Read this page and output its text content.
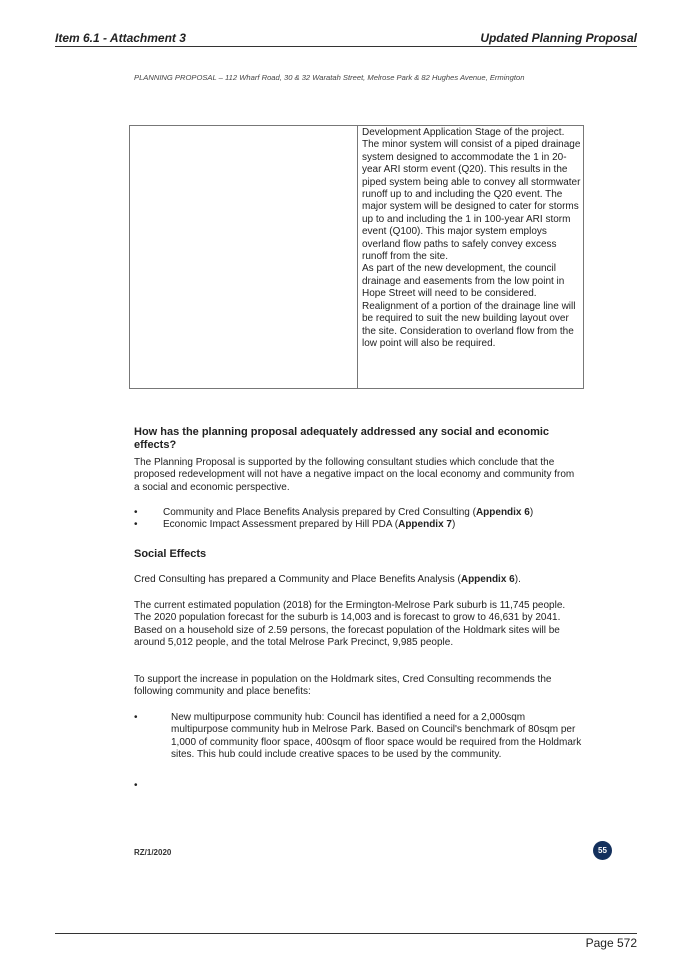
Item 6.1 - Attachment 3	Updated Planning Proposal
PLANNING PROPOSAL – 112 Wharf Road, 30 & 32 Waratah Street, Melrose Park & 82 Hughes Avenue, Ermington

Development Application Stage of the project.

The minor system will consist of a piped drainage system designed to accommodate the 1 in 20-year ARI storm event (Q20). This results in the piped system being able to convey all stormwater runoff up to and including the Q20 event. The major system will be designed to cater for storms up to and including the 1 in 100-year ARI storm event (Q100). This major system employs overland flow paths to safely convey excess runoff from the site.

As part of the new development, the council drainage and easements from the low point in Hope Street will need to be considered. Realignment of a portion of the drainage line will be required to suit the new building layout over the site. Consideration to overland flow from the low point will also be required.

How has the planning proposal adequately addressed any social and economic effects?

The Planning Proposal is supported by the following consultant studies which conclude that the proposed redevelopment will not have a negative impact on the local economy and community from a social and economic perspective.

•	Community and Place Benefits Analysis prepared by Cred Consulting (Appendix 6)
•	Economic Impact Assessment prepared by Hill PDA (Appendix 7)
Social Effects

Cred Consulting has prepared a Community and Place Benefits Analysis (Appendix 6).

The current estimated population (2018) for the Ermington-Melrose Park suburb is 11,745 people. The 2020 population forecast for the suburb is 14,003 and is forecast to grow to 46,631 by 2041. Based on a household size of 2.59 persons, the forecast population of the Holdmark sites will be around 5,012 people, and the total Melrose Park Precinct, 9,985 people.

To support the increase in population on the Holdmark sites, Cred Consulting recommends the following community and place benefits:

•	New multipurpose community hub: Council has identified a need for a 2,000sqm multipurpose community hub in Melrose Park. Based on Council's benchmark of 80sqm per 1,000 of community floor space, 400sqm of floor space would be required from the Holdmark sites. This hub could include creative spaces to be used by the community.
•
RZ/1/2020	55
Page 572
